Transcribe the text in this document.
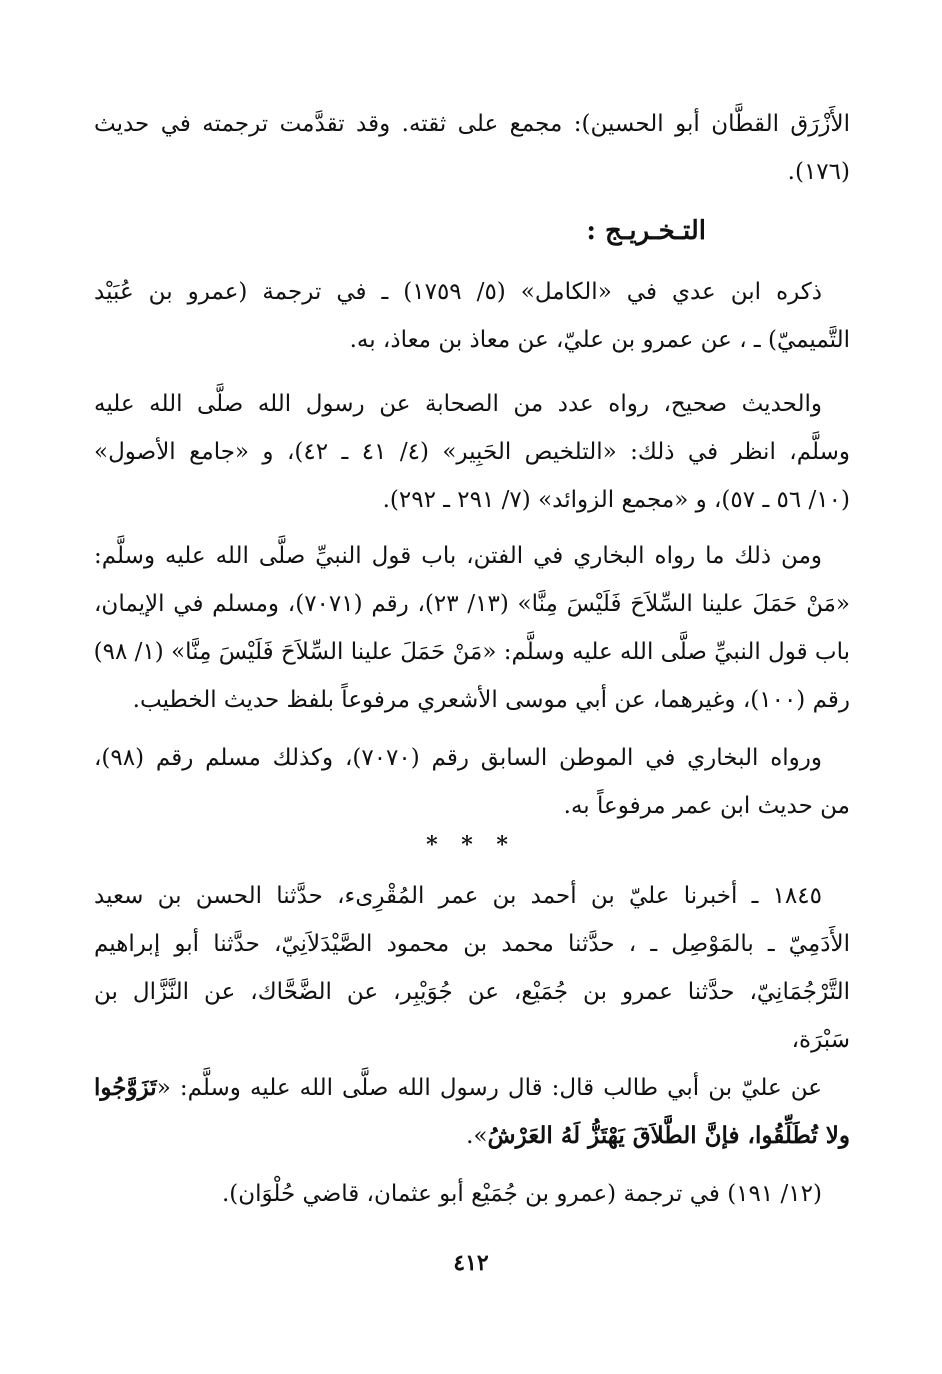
الأَزْرَق القطَّان أبو الحسين): مجمع على ثقته. وقد تقدَّمت ترجمته في حديث
(١٧٦).
التـخـريـج :
ذكره ابن عدي في «الكامل» (٥/ ١٧٥٩) ـ في ترجمة (عمرو بن عُبَيْد
التَّميميّ) ـ ، عن عمرو بن عليّ، عن معاذ بن معاذ، به.
والحديث صحيح، رواه عدد من الصحابة عن رسول الله صلَّى الله عليه
وسلَّم، انظر في ذلك: «التلخيص الحَبِير» (٤/ ٤١ ـ ٤٢)، و «جامع الأصول»
(١٠/ ٥٦ ـ ٥٧)، و «مجمع الزوائد» (٧/ ٢٩١ ـ ٢٩٢).
ومن ذلك ما رواه البخاري في الفتن، باب قول النبيِّ صلَّى الله عليه وسلَّم:
«مَنْ حَمَلَ علينا السِّلاَحَ فَلَيْسَ مِنَّا» (١٣/ ٢٣)، رقم (٧٠٧١)، ومسلم في الإيمان،
باب قول النبيِّ صلَّى الله عليه وسلَّم: «مَنْ حَمَلَ علينا السِّلاَحَ فَلَيْسَ مِنَّا» (١/ ٩٨)
رقم (١٠٠)، وغيرهما، عن أبي موسى الأشعري مرفوعاً بلفظ حديث الخطيب.
ورواه البخاري في الموطن السابق رقم (٧٠٧٠)، وكذلك مسلم رقم (٩٨)،
من حديث ابن عمر مرفوعاً به.
* * *
١٨٤٥ ـ أخبرنا عليّ بن أحمد بن عمر المُقْرِىء، حدَّثنا الحسن بن سعيد
الأَدَمِيّ ـ بالمَوْصِل ـ ، حدَّثنا محمد بن محمود الصَّيْدَلاَنِيّ، حدَّثنا أبو إبراهيم
التَّرْجُمَانِيّ، حدَّثنا عمرو بن جُمَيْع، عن جُوَيْبِر، عن الضَّحَّاك، عن النَّزَّال بن
سَبْرَة،
عن عليّ بن أبي طالب قال: قال رسول الله صلَّى الله عليه وسلَّم: «تَزَوَّجُوا
ولا تُطَلِّقُوا، فإنَّ الطَّلاَقَ يَهْتَزُّ لَهُ العَرْشُ».
(١٢/ ١٩١) في ترجمة (عمرو بن جُمَيْع أبو عثمان، قاضي حُلْوَان).
٤١٢
